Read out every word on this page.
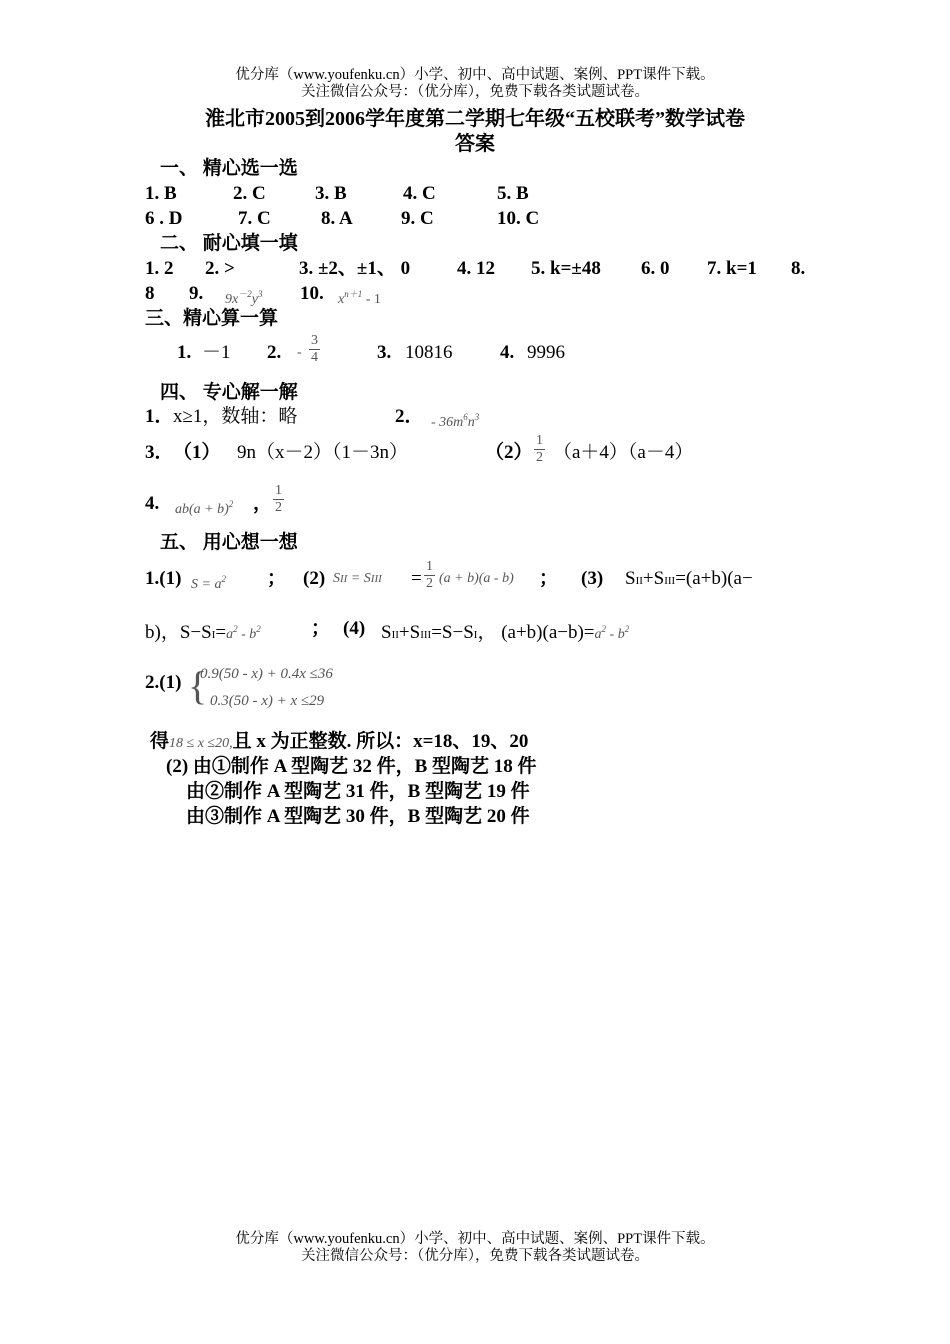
优分库（www.youfenku.cn）小学、初中、高中试题、案例、PPT课件下载。
关注微信公众号：（优分库），免费下载各类试题试卷。
淮北市2005到2006学年度第二学期七年级“五校联考”数学试卷
答案
一、 精心选一选
1. B	2. C	3. B	4. C	5. B
6 . D	7. C	8. A	9. C	10. C
二、 耐心填一填
1. 2 2. >	3. ±2、±1、 0 4. 12 5. k=±48 6. 0 7. k=1 8.
8 9. $9x^{-2}y^3$ 10. $x^{n+1} - 1$
三、精心算一算
1. －1 2. - $\frac{3}{4}$	3. 10816	4. 9996
四、 专心解一解
1． x≥1，数轴：略	2． - $36m^6n^3$
3． （1） 9n（x－2）（1－3n）	$(2) \frac{1}{2} (a+4)(a-4)$
4. $ab(a + b)^2$ ， $\frac{1}{2}$
五、 用心想一想
1.(1) $S = a^2$ ； (2) SII = SIII = $\frac{1}{2} (a + b)(a - b)$ ； (3) SII+SIII=(a+b)(a−
b)，$S-SI=a^2 - b^2$	； (4) SII+SIII=S−SI， $(a+b)(a-b)=a^2 - b^2$
2.(1) {
0.9(50 - x) + 0.4x ≤36
0.3(50 - x) + x ≤29
得18 ≤ x ≤20,且 x 为正整数. 所以：x=18、19、20
(2) 由①制作 A 型陶艺 32 件，B 型陶艺 18 件
由②制作 A 型陶艺 31 件，B 型陶艺 19 件
由③制作 A 型陶艺 30 件，B 型陶艺 20 件
优分库（www.youfenku.cn）小学、初中、高中试题、案例、PPT课件下载。
关注微信公众号：（优分库），免费下载各类试题试卷。
